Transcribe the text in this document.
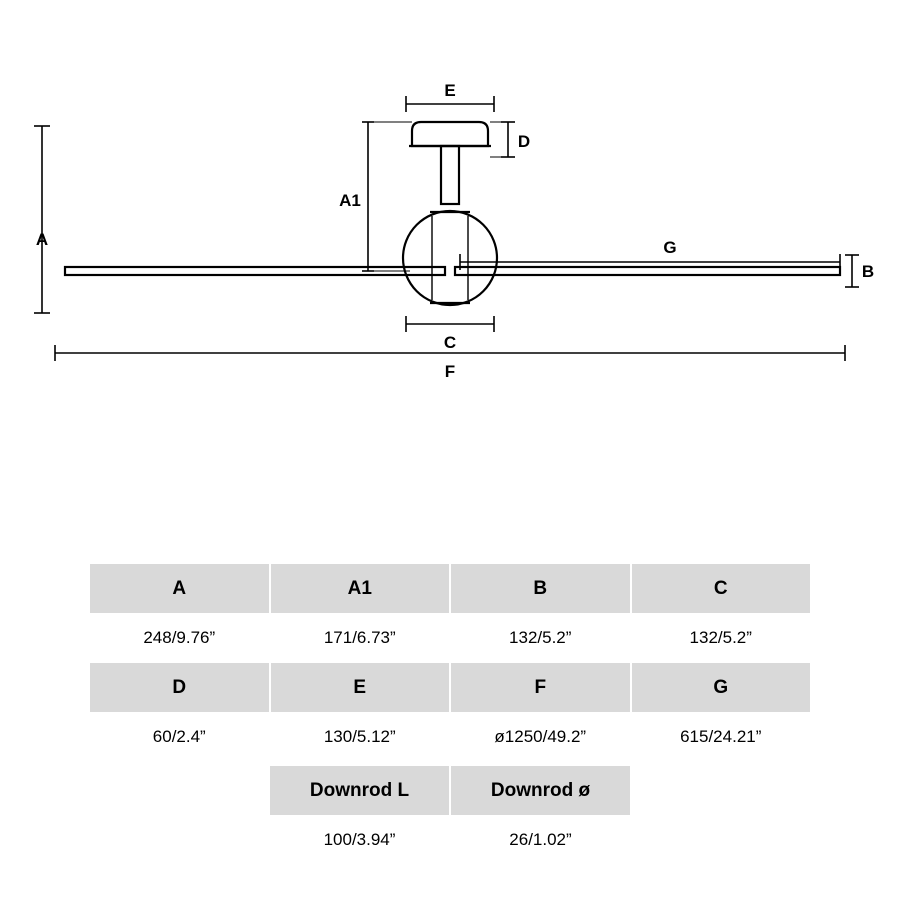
A
A1
E
D
B
C
G
F
A	A1	B	C
248/9.76”	171/6.73”	132/5.2”	132/5.2”
D	E	F	G
60/2.4”	130/5.12”	ø1250/49.2”	615/24.21”
Downrod L	Downrod ø
100/3.94”	26/1.02”
